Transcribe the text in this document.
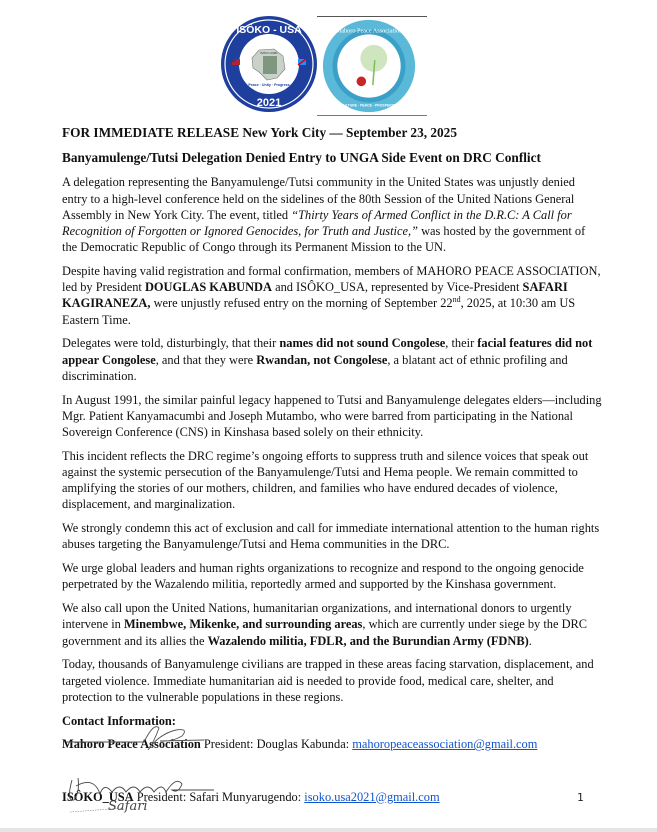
ISÔKO - USA
ISÔKO ASBL
Peace · Unity · Progress
2021
Mahoro Peace Association
CULTURE · PEACE · PROSPERITY

FOR IMMEDIATE RELEASE New York City — September 23, 2025

Banyamulenge/Tutsi Delegation Denied Entry to UNGA Side Event on DRC Conflict

A delegation representing the Banyamulenge/Tutsi community in the United States was unjustly denied entry to a high-level conference held on the sidelines of the 80th Session of the United Nations General Assembly in New York City. The event, titled “Thirty Years of Armed Conflict in the D.R.C: A Call for Recognition of Forgotten or Ignored Genocides, for Truth and Justice,” was hosted by the government of the Democratic Republic of Congo through its Permanent Mission to the UN.

Despite having valid registration and formal confirmation, members of MAHORO PEACE ASSOCIATION, led by President DOUGLAS KABUNDA and ISÔKO_USA, represented by Vice-President SAFARI KAGIRANEZA, were unjustly refused entry on the morning of September 22nd, 2025, at 10:30 am US Eastern Time.

Delegates were told, disturbingly, that their names did not sound Congolese, their facial features did not appear Congolese, and that they were Rwandan, not Congolese, a blatant act of ethnic profiling and discrimination.

In August 1991, the similar painful legacy happened to Tutsi and Banyamulenge delegates elders—including Mgr. Patient Kanyamacumbi and Joseph Mutambo, who were barred from participating in the National Sovereign Conference (CNS) in Kinshasa based solely on their ethnicity.

This incident reflects the DRC regime’s ongoing efforts to suppress truth and silence voices that speak out against the systemic persecution of the Banyamulenge/Tutsi and Hema people. We remain committed to amplifying the stories of our mothers, children, and families who have endured decades of violence, displacement, and marginalization.

We strongly condemn this act of exclusion and call for immediate international attention to the human rights abuses targeting the Banyamulenge/Tutsi and Hema communities in the DRC.

We urge global leaders and human rights organizations to recognize and respond to the ongoing genocide perpetrated by the Wazalendo militia, reportedly armed and supported by the Kinshasa government.

We also call upon the United Nations, humanitarian organizations, and international donors to urgently intervene in Minembwe, Mikenke, and surrounding areas, which are currently under siege by the DRC government and its allies the Wazalendo militia, FDLR, and the Burundian Army (FDNB).

Today, thousands of Banyamulenge civilians are trapped in these areas facing starvation, displacement, and targeted violence. Immediate humanitarian aid is needed to provide food, medical care, shelter, and protection to the vulnerable populations in these regions.

Contact Information:

Mahoro Peace Association President: Douglas Kabunda: mahoropeaceassociation@gmail.com

ISÔKO_USA President: Safari Munyarugendo: isoko.usa2021@gmail.com

Safari
1
